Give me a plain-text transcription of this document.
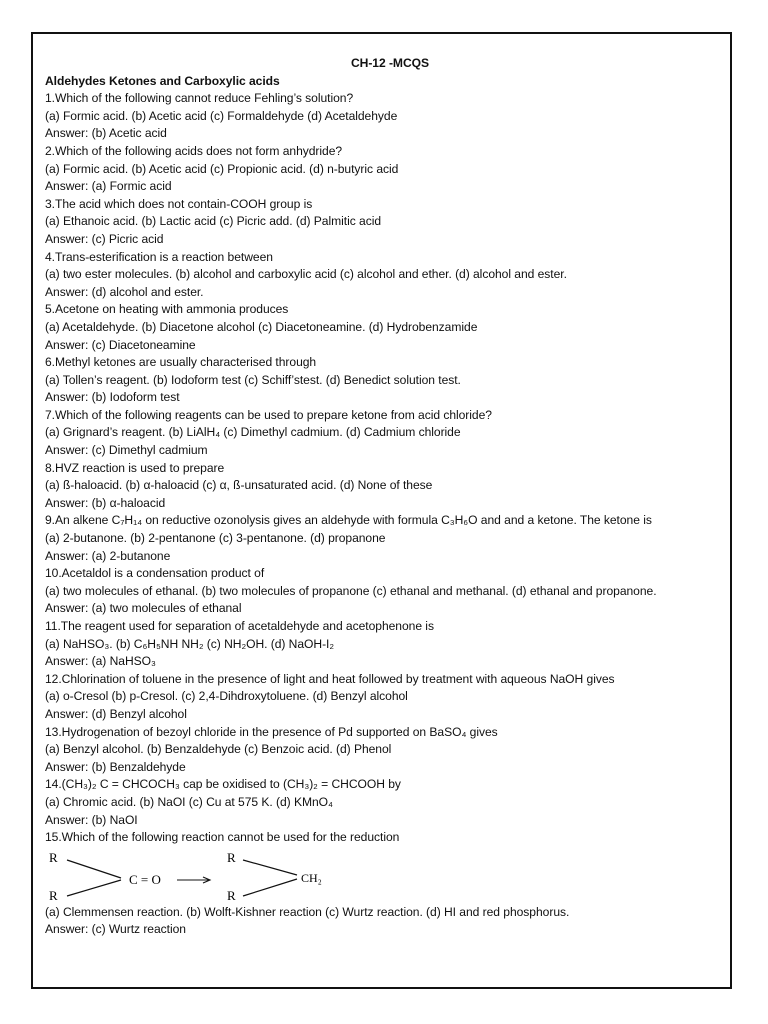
CH-12 -MCQS
Aldehydes Ketones and Carboxylic acids
1.Which of the following cannot reduce Fehling’s solution?
(a) Formic acid. (b) Acetic acid (c) Formaldehyde (d) Acetaldehyde
Answer: (b) Acetic acid
2.Which of the following acids does not form anhydride?
(a) Formic acid. (b) Acetic acid (c) Propionic acid. (d) n-butyric acid
Answer: (a) Formic acid
3.The acid which does not contain-COOH group is
(a) Ethanoic acid. (b) Lactic acid (c) Picric add. (d) Palmitic acid
Answer: (c) Picric acid
4.Trans-esterification is a reaction between
(a) two ester molecules. (b) alcohol and carboxylic acid (c) alcohol and ether. (d) alcohol and ester.
Answer: (d) alcohol and ester.
5.Acetone on heating with ammonia produces
(a) Acetaldehyde. (b) Diacetone alcohol (c) Diacetoneamine. (d) Hydrobenzamide
Answer: (c) Diacetoneamine
6.Methyl ketones are usually characterised through
(a) Tollen’s reagent. (b) Iodoform test (c) Schiff’stest. (d) Benedict solution test.
Answer: (b) Iodoform test
7.Which of the following reagents can be used to prepare ketone from acid chloride?
(a) Grignard’s reagent. (b) LiAlH₄ (c) Dimethyl cadmium. (d) Cadmium chloride
Answer: (c) Dimethyl cadmium
8.HVZ reaction is used to prepare
(a) ß-haloacid. (b) α-haloacid (c) α, ß-unsaturated acid. (d) None of these
Answer: (b) α-haloacid
9.An alkene C₇H₁₄ on reductive ozonolysis gives an aldehyde with formula C₃H₆O and and a ketone. The ketone is
(a) 2-butanone. (b) 2-pentanone (c) 3-pentanone. (d) propanone
Answer: (a) 2-butanone
10.Acetaldol is a condensation product of
(a) two molecules of ethanal. (b) two molecules of propanone (c) ethanal and methanal. (d) ethanal and propanone.
Answer: (a) two molecules of ethanal
11.The reagent used for separation of acetaldehyde and acetophenone is
(a) NaHSO₃. (b) C₆H₅NH NH₂ (c) NH₂OH. (d) NaOH-I₂
Answer: (a) NaHSO₃
12.Chlorination of toluene in the presence of light and heat followed by treatment with aqueous NaOH gives
(a) o-Cresol (b) p-Cresol. (c) 2,4-Dihdroxytoluene. (d) Benzyl alcohol
Answer: (d) Benzyl alcohol
13.Hydrogenation of bezoyl chloride in the presence of Pd supported on BaSO₄ gives
(a) Benzyl alcohol. (b) Benzaldehyde (c) Benzoic acid. (d) Phenol
Answer: (b) Benzaldehyde
14.(CH₃)₂ C = CHCOCH₃ cap be oxidised to (CH₃)₂ = CHCOOH by
(a) Chromic acid. (b) NaOI (c) Cu at 575 K. (d) KMnO₄
Answer: (b) NaOI
15.Which of the following reaction cannot be used for the reduction
R
R
C = O
R
R
CH₂
(a) Clemmensen reaction. (b) Wolft-Kishner reaction (c) Wurtz reaction. (d) HI and red phosphorus.
Answer: (c) Wurtz reaction
